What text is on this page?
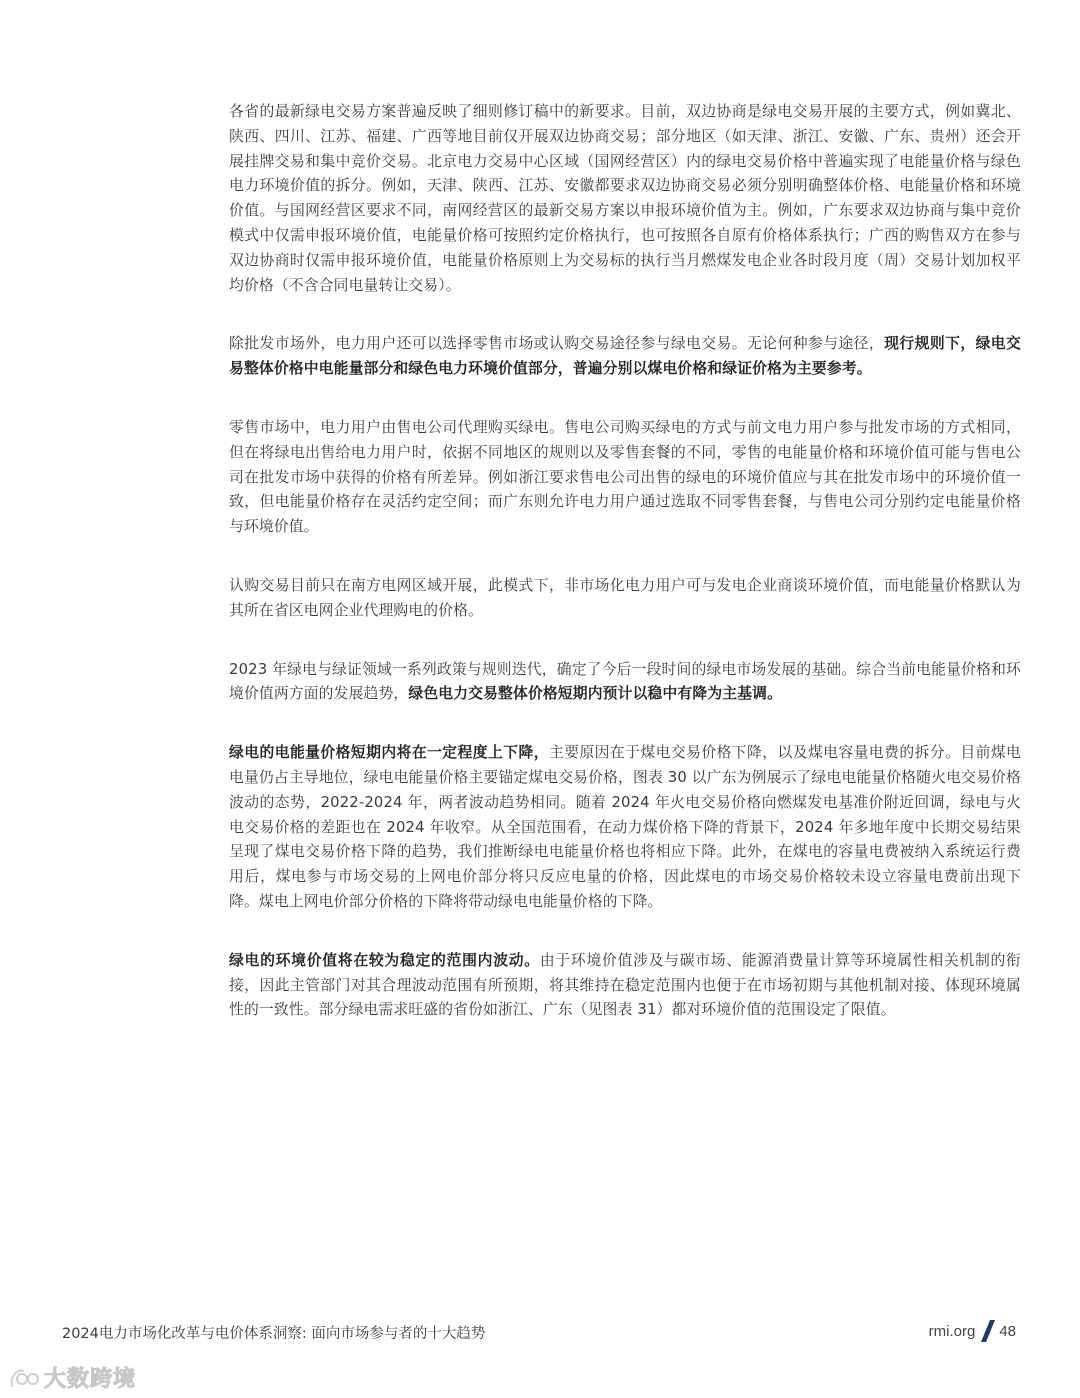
各省的最新绿电交易方案普遍反映了细则修订稿中的新要求。目前，双边协商是绿电交易开展的主要方式，例如冀北、陕西、四川、江苏、福建、广西等地目前仅开展双边协商交易；部分地区（如天津、浙江、安徽、广东、贵州）还会开展挂牌交易和集中竞价交易。北京电力交易中心区域（国网经营区）内的绿电交易价格中普遍实现了电能量价格与绿色电力环境价值的拆分。例如，天津、陕西、江苏、安徽都要求双边协商交易必须分别明确整体价格、电能量价格和环境价值。与国网经营区要求不同，南网经营区的最新交易方案以申报环境价值为主。例如，广东要求双边协商与集中竞价模式中仅需申报环境价值，电能量价格可按照约定价格执行，也可按照各自原有价格体系执行；广西的购售双方在参与双边协商时仅需申报环境价值，电能量价格原则上为交易标的执行当月燃煤发电企业各时段月度（周）交易计划加权平均价格（不含合同电量转让交易）。

除批发市场外，电力用户还可以选择零售市场或认购交易途径参与绿电交易。无论何种参与途径，现行规则下，绿电交易整体价格中电能量部分和绿色电力环境价值部分，普遍分别以煤电价格和绿证价格为主要参考。

零售市场中，电力用户由售电公司代理购买绿电。售电公司购买绿电的方式与前文电力用户参与批发市场的方式相同，但在将绿电出售给电力用户时，依据不同地区的规则以及零售套餐的不同，零售的电能量价格和环境价值可能与售电公司在批发市场中获得的价格有所差异。例如浙江要求售电公司出售的绿电的环境价值应与其在批发市场中的环境价值一致，但电能量价格存在灵活约定空间；而广东则允许电力用户通过选取不同零售套餐，与售电公司分别约定电能量价格与环境价值。

认购交易目前只在南方电网区域开展，此模式下，非市场化电力用户可与发电企业商谈环境价值，而电能量价格默认为其所在省区电网企业代理购电的价格。

2023 年绿电与绿证领域一系列政策与规则迭代，确定了今后一段时间的绿电市场发展的基础。综合当前电能量价格和环境价值两方面的发展趋势，绿色电力交易整体价格短期内预计以稳中有降为主基调。

绿电的电能量价格短期内将在一定程度上下降，主要原因在于煤电交易价格下降，以及煤电容量电费的拆分。目前煤电电量仍占主导地位，绿电电能量价格主要锚定煤电交易价格，图表 30 以广东为例展示了绿电电能量价格随火电交易价格波动的态势，2022-2024 年，两者波动趋势相同。随着 2024 年火电交易价格向燃煤发电基准价附近回调，绿电与火电交易价格的差距也在 2024 年收窄。从全国范围看，在动力煤价格下降的背景下，2024 年多地年度中长期交易结果呈现了煤电交易价格下降的趋势，我们推断绿电电能量价格也将相应下降。此外，在煤电的容量电费被纳入系统运行费用后，煤电参与市场交易的上网电价部分将只反应电量的价格，因此煤电的市场交易价格较未设立容量电费前出现下降。煤电上网电价部分价格的下降将带动绿电电能量价格的下降。

绿电的环境价值将在较为稳定的范围内波动。由于环境价值涉及与碳市场、能源消费量计算等环境属性相关机制的衔接，因此主管部门对其合理波动范围有所预期，将其维持在稳定范围内也便于在市场初期与其他机制对接、体现环境属性的一致性。部分绿电需求旺盛的省份如浙江、广东（见图表 31）都对环境价值的范围设定了限值。

2024电力市场化改革与电价体系洞察: 面向市场参与者的十大趋势	rmi.org 48
大数跨境
